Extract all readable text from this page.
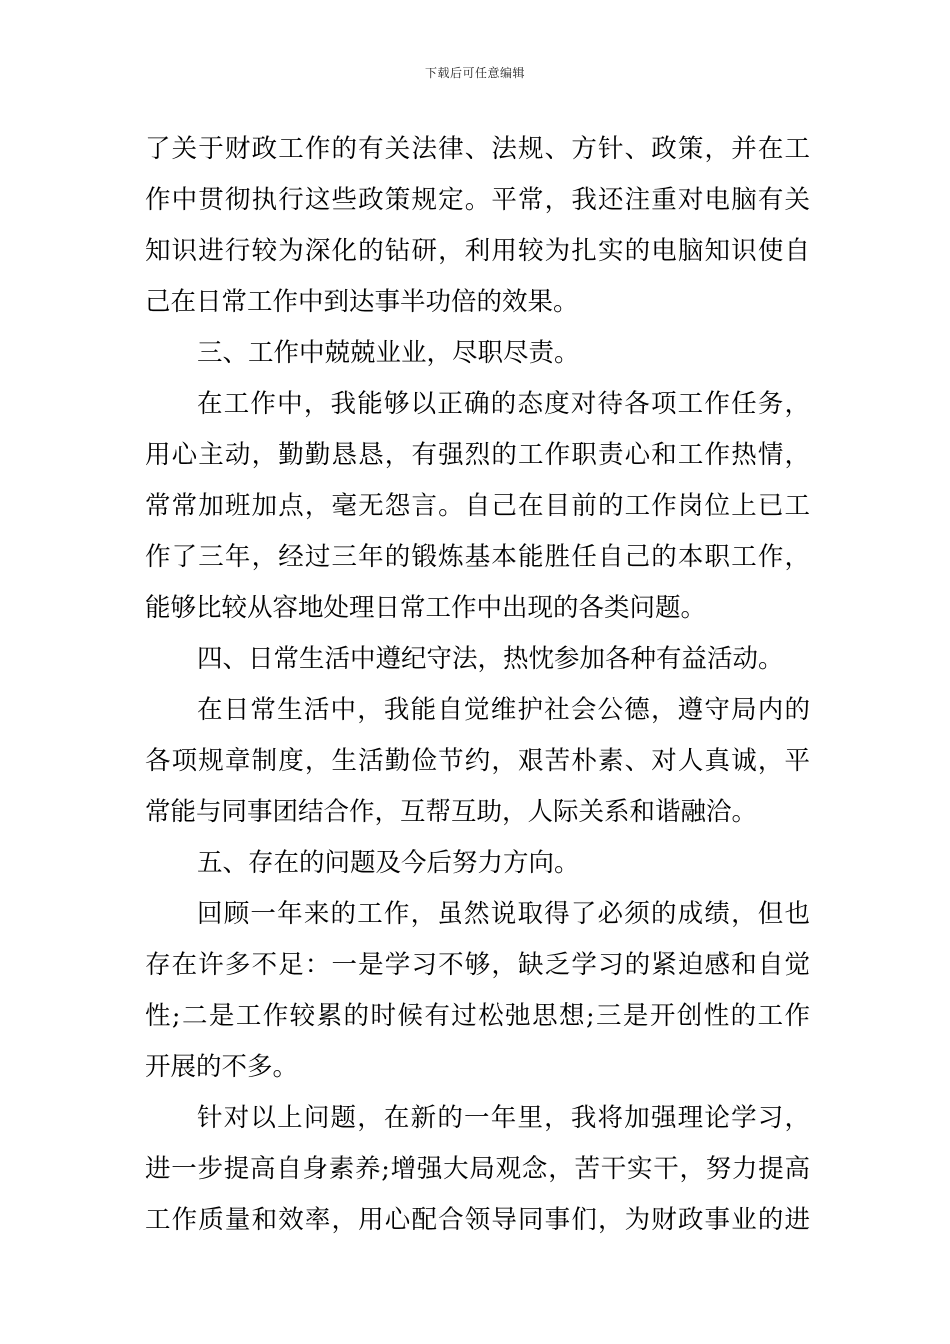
下载后可任意编辑
了关于财政工作的有关法律、法规、方针、政策，并在工
作中贯彻执行这些政策规定。平常，我还注重对电脑有关
知识进行较为深化的钻研，利用较为扎实的电脑知识使自
己在日常工作中到达事半功倍的效果。
三、工作中兢兢业业，尽职尽责。
在工作中，我能够以正确的态度对待各项工作任务，
用心主动，勤勤恳恳，有强烈的工作职责心和工作热情，
常常加班加点，毫无怨言。自己在目前的工作岗位上已工
作了三年，经过三年的锻炼基本能胜任自己的本职工作，
能够比较从容地处理日常工作中出现的各类问题。
四、日常生活中遵纪守法，热忱参加各种有益活动。
在日常生活中，我能自觉维护社会公德，遵守局内的
各项规章制度，生活勤俭节约，艰苦朴素、对人真诚，平
常能与同事团结合作，互帮互助，人际关系和谐融洽。
五、存在的问题及今后努力方向。
回顾一年来的工作，虽然说取得了必须的成绩，但也
存在许多不足：一是学习不够，缺乏学习的紧迫感和自觉
性;二是工作较累的时候有过松弛思想;三是开创性的工作
开展的不多。
针对以上问题，在新的一年里，我将加强理论学习，
进一步提高自身素养;增强大局观念，苦干实干，努力提高
工作质量和效率，用心配合领导同事们，为财政事业的进
